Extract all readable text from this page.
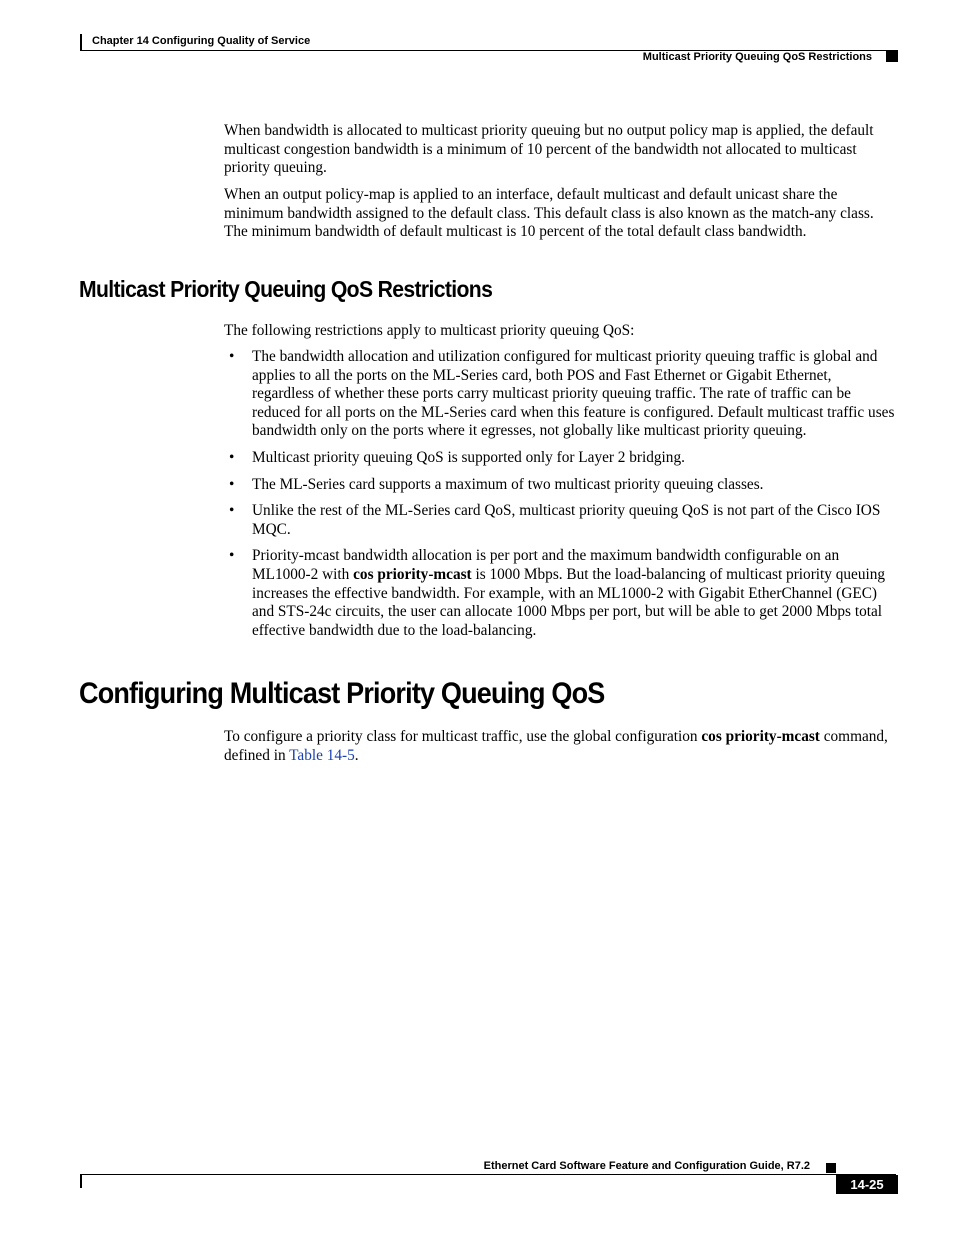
Chapter 14 Configuring Quality of Service
Multicast Priority Queuing QoS Restrictions

When bandwidth is allocated to multicast priority queuing but no output policy map is applied, the default multicast congestion bandwidth is a minimum of 10 percent of the bandwidth not allocated to multicast priority queuing.

When an output policy-map is applied to an interface, default multicast and default unicast share the minimum bandwidth assigned to the default class. This default class is also known as the match-any class. The minimum bandwidth of default multicast is 10 percent of the total default class bandwidth.

Multicast Priority Queuing QoS Restrictions

The following restrictions apply to multicast priority queuing QoS:

• The bandwidth allocation and utilization configured for multicast priority queuing traffic is global and applies to all the ports on the ML-Series card, both POS and Fast Ethernet or Gigabit Ethernet, regardless of whether these ports carry multicast priority queuing traffic. The rate of traffic can be reduced for all ports on the ML-Series card when this feature is configured. Default multicast traffic uses bandwidth only on the ports where it egresses, not globally like multicast priority queuing.
• Multicast priority queuing QoS is supported only for Layer 2 bridging.
• The ML-Series card supports a maximum of two multicast priority queuing classes.
• Unlike the rest of the ML-Series card QoS, multicast priority queuing QoS is not part of the Cisco IOS MQC.
• Priority-mcast bandwidth allocation is per port and the maximum bandwidth configurable on an ML1000-2 with cos priority-mcast is 1000 Mbps. But the load-balancing of multicast priority queuing increases the effective bandwidth. For example, with an ML1000-2 with Gigabit EtherChannel (GEC) and STS-24c circuits, the user can allocate 1000 Mbps per port, but will be able to get 2000 Mbps total effective bandwidth due to the load-balancing.
Configuring Multicast Priority Queuing QoS

To configure a priority class for multicast traffic, use the global configuration cos priority-mcast command, defined in Table 14-5.

Ethernet Card Software Feature and Configuration Guide, R7.2
14-25
